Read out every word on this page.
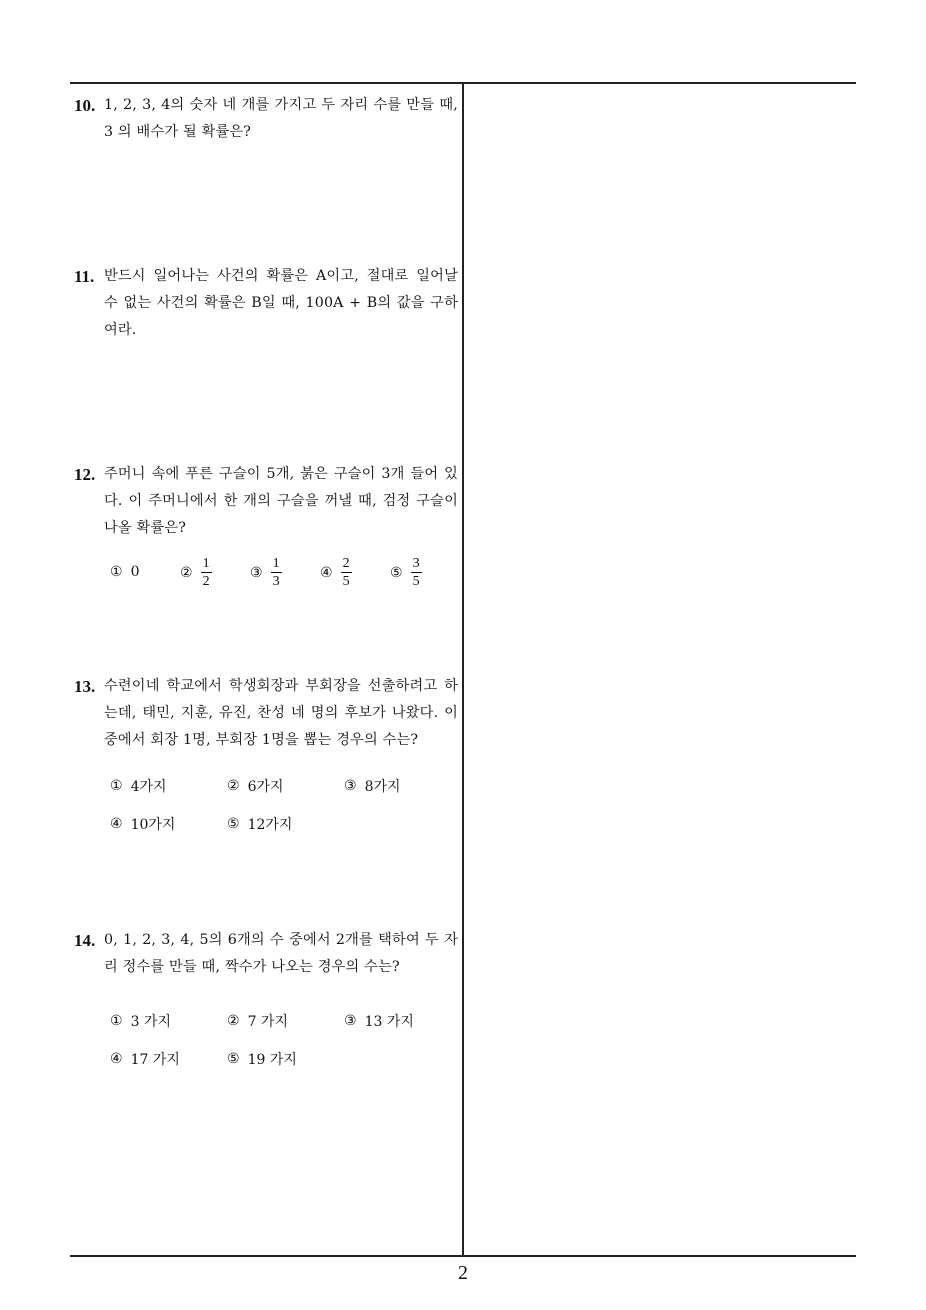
10. 1, 2, 3, 4의 숫자 네 개를 가지고 두 자리 수를 만들 때, 3 의 배수가 될 확률은?
11. 반드시 일어나는 사건의 확률은 A이고, 절대로 일어날 수 없는 사건의 확률은 B일 때, 100A + B의 값을 구하여라.
12. 주머니 속에 푸른 구슬이 5개, 붉은 구슬이 3개 들어 있다. 이 주머니에서 한 개의 구슬을 꺼낼 때, 검정 구슬이 나올 확률은?
① 0	② $\frac{1}{2}$	③ $\frac{1}{3}$	④ $\frac{2}{5}$	⑤ $\frac{3}{5}$
13. 수련이네 학교에서 학생회장과 부회장을 선출하려고 하는데, 태민, 지훈, 유진, 찬성 네 명의 후보가 나왔다. 이 중에서 회장 1명, 부회장 1명을 뽑는 경우의 수는?
① 4가지	② 6가지	③ 8가지
④ 10가지	⑤ 12가지
14. 0, 1, 2, 3, 4, 5의 6개의 수 중에서 2개를 택하여 두 자리 정수를 만들 때, 짝수가 나오는 경우의 수는?
① 3 가지	② 7 가지	③ 13 가지
④ 17 가지	⑤ 19 가지
2
